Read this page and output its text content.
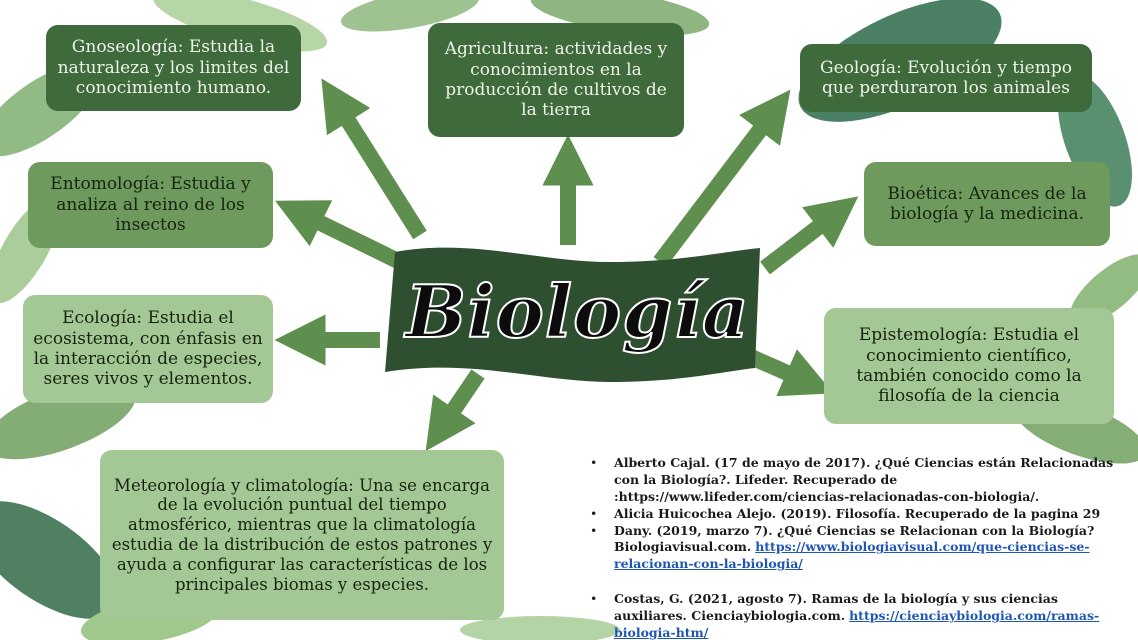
Biología
Gnoseología: Estudia la naturaleza y los limites del conocimiento humano.
Agricultura: actividades y conocimientos en la producción de cultivos de la tierra
Geología: Evolución y tiempo que perduraron los animales
Entomología: Estudia y analiza al reino de los insectos
Bioética: Avances de la biología y la medicina.
Ecología: Estudia el ecosistema, con énfasis en la interacción de especies, seres vivos y elementos.
Epistemología: Estudia el conocimiento científico, también conocido como la filosofía de la ciencia
Meteorología y climatología: Una se encarga de la evolución puntual del tiempo atmosférico, mientras que la climatología estudia de la distribución de estos patrones y ayuda a configurar las características de los principales biomas y especies.
• Alberto Cajal. (17 de mayo de 2017). ¿Qué Ciencias están Relacionadas con la Biología?. Lifeder. Recuperado de :https://www.lifeder.com/ciencias-relacionadas-con-biologia/.
• Alicia Huicochea Alejo. (2019). Filosofía. Recuperado de la pagina 29
• Dany. (2019, marzo 7). ¿Qué Ciencias se Relacionan con la Biología? Biologiavisual.com. https://www.biologiavisual.com/que-ciencias-se-relacionan-con-la-biologia/
• Costas, G. (2021, agosto 7). Ramas de la biología y sus ciencias auxiliares. Cienciaybiologia.com. https://cienciaybiologia.com/ramas-biologia-htm/
